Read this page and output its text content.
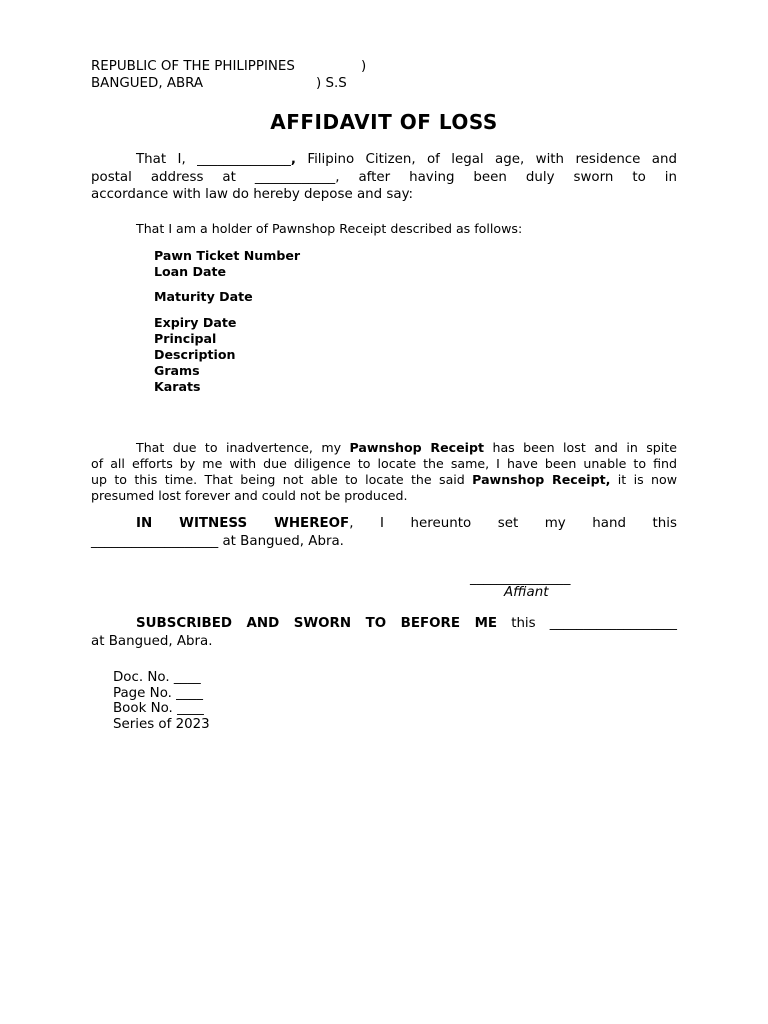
REPUBLIC OF THE PHILIPPINES	)
BANGUED, ABRA	) S.S
AFFIDAVIT OF LOSS
That I, ______________, Filipino Citizen, of legal age, with residence and
postal address at ____________, after having been duly sworn to in
accordance with law do hereby depose and say:
That I am a holder of Pawnshop Receipt described as follows:
Pawn Ticket Number
Loan Date
Maturity Date
Expiry Date
Principal
Description
Grams
Karats
That due to inadvertence, my Pawnshop Receipt has been lost and in spite
of all efforts by me with due diligence to locate the same, I have been unable to find
up to this time. That being not able to locate the said Pawnshop Receipt, it is now
presumed lost forever and could not be produced.
IN WITNESS WHEREOF, I hereunto set my hand this
___________________ at Bangued, Abra.
_______________
Affiant
SUBSCRIBED AND SWORN TO BEFORE ME this ___________________
at Bangued, Abra.
Doc. No. ____
Page No. ____
Book No. ____
Series of 2023
